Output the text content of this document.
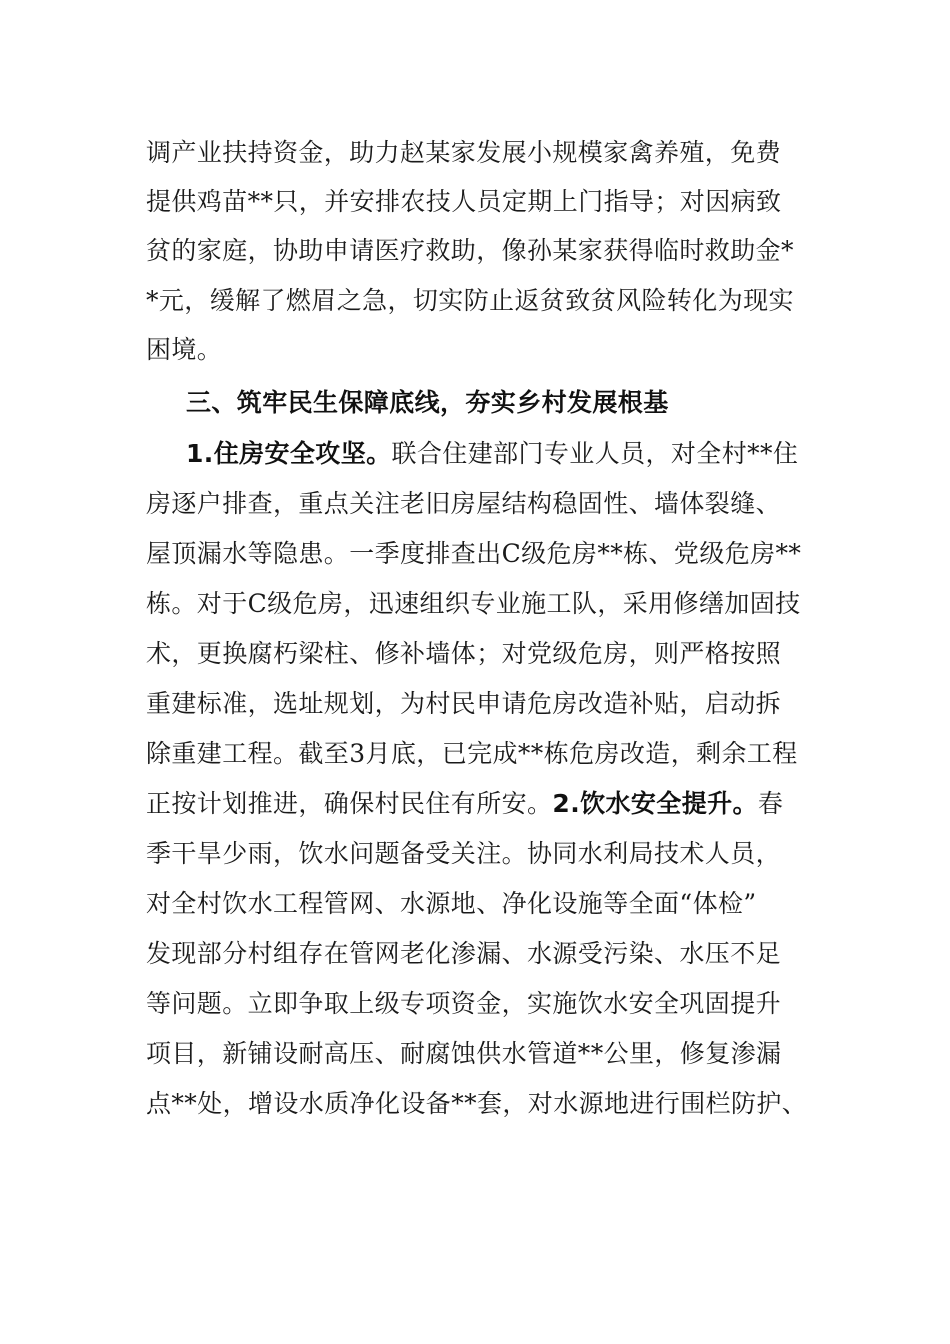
调产业扶持资金，助力赵某家发展小规模家禽养殖，免费
提供鸡苗**只，并安排农技人员定期上门指导；对因病致
贫的家庭，协助申请医疗救助，像孙某家获得临时救助金*
*元，缓解了燃眉之急，切实防止返贫致贫风险转化为现实
困境。
三、筑牢民生保障底线，夯实乡村发展根基
1.住房安全攻坚。联合住建部门专业人员，对全村**住
房逐户排查，重点关注老旧房屋结构稳固性、墙体裂缝、
屋顶漏水等隐患。一季度排查出C级危房**栋、党级危房**
栋。对于C级危房，迅速组织专业施工队，采用修缮加固技
术，更换腐朽梁柱、修补墙体；对党级危房，则严格按照
重建标准，选址规划，为村民申请危房改造补贴，启动拆
除重建工程。截至3月底，已完成**栋危房改造，剩余工程
正按计划推进，确保村民住有所安。2.饮水安全提升。春
季干旱少雨，饮水问题备受关注。协同水利局技术人员，
对全村饮水工程管网、水源地、净化设施等全面“体检”
发现部分村组存在管网老化渗漏、水源受污染、水压不足
等问题。立即争取上级专项资金，实施饮水安全巩固提升
项目，新铺设耐高压、耐腐蚀供水管道**公里，修复渗漏
点**处，增设水质净化设备**套，对水源地进行围栏防护、
